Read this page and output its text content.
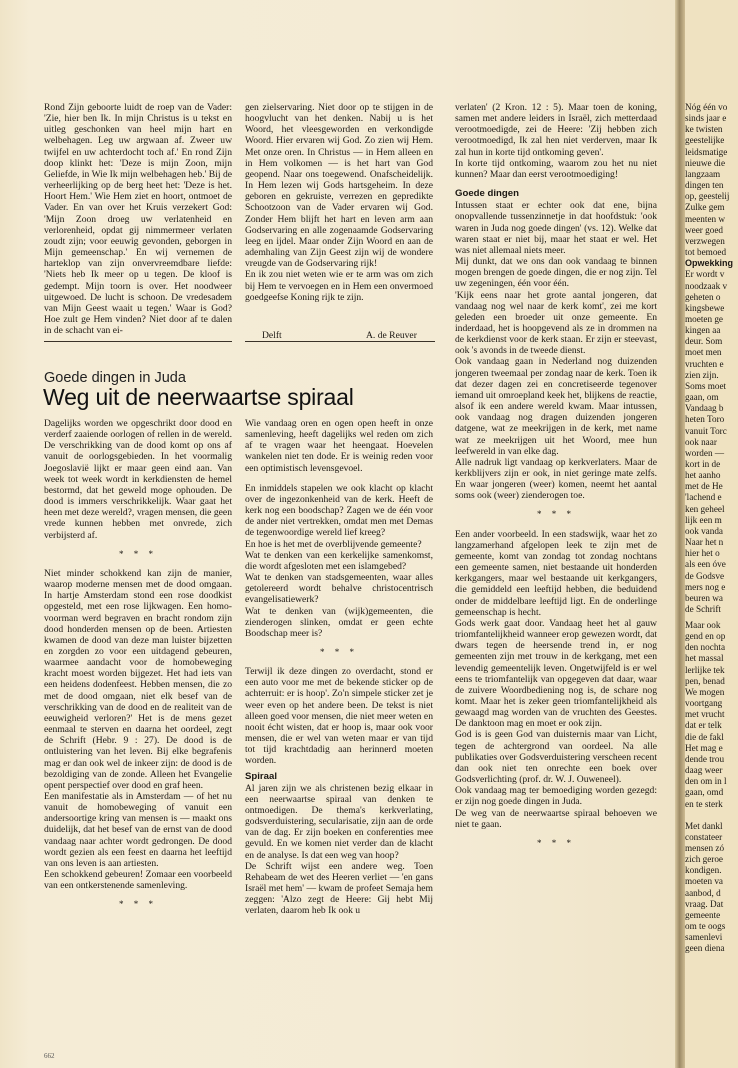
Rond Zijn geboorte luidt de roep van de Vader: 'Zie, hier ben Ik. In mijn Christus is u tekst en uitleg geschonken van heel mijn hart en welbehagen. Leg uw argwaan af. Zweer uw twijfel en uw achterdocht toch af.' En rond Zijn doop klinkt het: 'Deze is mijn Zoon, mijn Geliefde, in Wie Ik mijn welbehagen heb.' Bij de verheerlijking op de berg heet het: 'Deze is het. Hoort Hem.' Wie Hem ziet en hoort, ontmoet de Vader. En van over het Kruis verzekert God: 'Mijn Zoon droeg uw verlatenheid en verlorenheid, opdat gij nimmermeer verlaten zoudt zijn; voor eeuwig gevonden, geborgen in Mijn gemeenschap.' En wij vernemen de harteklop van zijn onvervreemdbare liefde: 'Niets heb Ik meer op u tegen. De kloof is gedempt. Mijn toorn is over. Het noodweer uitgewoed. De lucht is schoon. De vredesadem van Mijn Geest waait u tegen.' Waar is God? Hoe zult ge Hem vinden? Niet door af te dalen in de schacht van ei-

gen zielservaring. Niet door op te stijgen in de hoogvlucht van het denken. Nabij u is het Woord, het vleesgeworden en verkondigde Woord. Hier ervaren wij God. Zo zien wij Hem. Met onze oren. In Christus — in Hem alleen en in Hem volkomen — is het hart van God geopend. Naar ons toegewend. Onafscheidelijk. In Hem lezen wij Gods hartsgeheim. In deze geboren en gekruiste, verrezen en gepredikte Schootzoon van de Vader ervaren wij God. Zonder Hem blijft het hart en leven arm aan Godservaring en alle zogenaamde Godservaring leeg en ijdel. Maar onder Zijn Woord en aan de ademhaling van Zijn Geest zijn wij de wondere vreugde van de Godservaring rijk!

En ik zou niet weten wie er te arm was om zich bij Hem te vervoegen en in Hem een onvermoed goedgeefse Koning rijk te zijn.

Delft	A. de Reuver
Goede dingen in Juda
Weg uit de neerwaartse spiraal

Dagelijks worden we opgeschrikt door dood en verderf zaaiende oorlogen of rellen in de wereld. De verschrikking van de dood komt op ons af vanuit de oorlogsgebieden. In het voormalig Joegoslavië lijkt er maar geen eind aan. Van week tot week wordt in kerkdiensten de hemel bestormd, dat het geweld moge ophouden. De dood is immers verschrikkelijk. Waar gaat het heen met deze wereld?, vragen mensen, die geen vrede kunnen hebben met onvrede, zich verbijsterd af.

* * *

Niet minder schokkend kan zijn de manier, waarop moderne mensen met de dood omgaan. In hartje Amsterdam stond een rose doodkist opgesteld, met een rose lijkwagen. Een homo-voorman werd begraven en bracht rondom zijn dood honderden mensen op de been. Artiesten kwamen de dood van deze man luister bijzetten en zorgden zo voor een uitdagend gebeuren, waarmee aandacht voor de homobeweging kracht moest worden bijgezet. Het had iets van een heidens dodenfeest. Hebben mensen, die zo met de dood omgaan, niet elk besef van de verschrikking van de dood en de realiteit van de eeuwigheid verloren?' Het is de mens gezet eenmaal te sterven en daarna het oordeel, zegt de Schrift (Hebr. 9 : 27). De dood is de ontluistering van het leven. Bij elke begrafenis mag er dan ook wel de inkeer zijn: de dood is de bezoldiging van de zonde. Alleen het Evangelie opent perspectief over dood en graf heen.

Een manifestatie als in Amsterdam — of het nu vanuit de homobeweging of vanuit een andersoortige kring van mensen is — maakt ons duidelijk, dat het besef van de ernst van de dood vandaag naar achter wordt gedrongen. De dood wordt gezien als een feest en daarna het leeftijd van ons leven is aan artiesten.

Een schokkend gebeuren! Zomaar een voorbeeld van een ontkerstenende samenleving.

* * *

Wie vandaag oren en ogen open heeft in onze samenleving, heeft dagelijks wel reden om zich af te vragen waar het heengaat. Hoevelen wankelen niet ten dode. Er is weinig reden voor een optimistisch levensgevoel.

En inmiddels stapelen we ook klacht op klacht over de ingezonkenheid van de kerk. Heeft de kerk nog een boodschap? Zagen we de één voor de ander niet vertrekken, omdat men met Demas de tegenwoordige wereld lief kreeg?

En hoe is het met de overblijvende gemeente?

Wat te denken van een kerkelijke samenkomst, die wordt afgesloten met een islamgebed?

Wat te denken van stadsgemeenten, waar alles getolereerd wordt behalve christocentrisch evangelisatiewerk?

Wat te denken van (wijk)gemeenten, die zienderogen slinken, omdat er geen echte Boodschap meer is?

* * *

Terwijl ik deze dingen zo overdacht, stond er een auto voor me met de bekende sticker op de achterruit: er is hoop'. Zo'n simpele sticker zet je weer even op het andere been. De tekst is niet alleen goed voor mensen, die niet meer weten en nooit écht wisten, dat er hoop is, maar ook voor mensen, die er wel van weten maar er van tijd tot tijd krachtdadig aan herinnerd moeten worden.

Spiraal

Al jaren zijn we als christenen bezig elkaar in een neerwaartse spiraal van denken te ontmoedigen. De thema's kerkverlating, godsverduistering, secularisatie, zijn aan de orde van de dag. Er zijn boeken en conferenties mee gevuld. En we komen niet verder dan de klacht en de analyse. Is dat een weg van hoop?

De Schrift wijst een andere weg. Toen Rehabeam de wet des Heeren verliet — 'en gans Israël met hem' — kwam de profeet Semaja hem zeggen: 'Alzo zegt de Heere: Gij hebt Mij verlaten, daarom heb Ik ook u

verlaten' (2 Kron. 12 : 5). Maar toen de koning, samen met andere leiders in Israël, zich metterdaad verootmoedigde, zei de Heere: 'Zij hebben zich verootmoedigd, Ik zal hen niet verderven, maar Ik zal hun in korte tijd ontkoming geven'.

In korte tijd ontkoming, waarom zou het nu niet kunnen? Maar dan eerst verootmoediging!

Goede dingen

Intussen staat er echter ook dat ene, bijna onopvallende tussenzinnetje in dat hoofdstuk: 'ook waren in Juda nog goede dingen' (vs. 12). Welke dat waren staat er niet bij, maar het staat er wel. Het was niet allemaal niets meer.

Mij dunkt, dat we ons dan ook vandaag te binnen mogen brengen de goede dingen, die er nog zijn. Tel uw zegeningen, één voor één.

'Kijk eens naar het grote aantal jongeren, dat vandaag nog wel naar de kerk komt', zei me kort geleden een broeder uit onze gemeente. En inderdaad, het is hoopgevend als ze in drommen na de kerkdienst voor de kerk staan. Er zijn er steevast, ook 's avonds in de tweede dienst.

Ook vandaag gaan in Nederland nog duizenden jongeren tweemaal per zondag naar de kerk. Toen ik dat dezer dagen zei en concretiseerde tegenover iemand uit omroepland keek het, blijkens de reactie, alsof ik een andere wereld kwam. Maar intussen, ook vandaag nog dragen duizenden jongeren datgene, wat ze meekrijgen in de kerk, met name wat ze meekrijgen uit het Woord, mee hun leefwereld in van elke dag.

Alle nadruk ligt vandaag op kerkverlaters. Maar de kerkblijvers zijn er ook, in niet geringe mate zelfs. En waar jongeren (weer) komen, neemt het aantal soms ook (weer) zienderogen toe.

* * *

Een ander voorbeeld. In een stadswijk, waar het zo langzamerhand afgelopen leek te zijn met de gemeente, komt van zondag tot zondag nochtans een gemeente samen, niet bestaande uit honderden kerkgangers, maar wel bestaande uit kerkgangers, die gemiddeld een leeftijd hebben, die beduidend onder de middelbare leeftijd ligt. En de onderlinge gemeenschap is hecht.

Gods werk gaat door. Vandaag heet het al gauw triomfantelijkheid wanneer erop gewezen wordt, dat dwars tegen de heersende trend in, er nog gemeenten zijn met trouw in de kerkgang, met een levendig gemeentelijk leven. Ongetwijfeld is er wel eens te triomfantelijk van opgegeven dat daar, waar de zuivere Woordbediening nog is, de schare nog komt. Maar het is zeker geen triomfantelijkheid als gewaagd mag worden van de vruchten des Geestes. De danktoon mag en moet er ook zijn.

God is is geen God van duisternis maar van Licht, tegen de achtergrond van oordeel. Na alle publikaties over Godsverduistering verscheen recent dan ook niet ten onrechte een boek over Godsverlichting (prof. dr. W. J. Ouweneel).

Ook vandaag mag ter bemoediging worden gezegd: er zijn nog goede dingen in Juda.

De weg van de neerwaartse spiraal behoeven we niet te gaan.

* * *

Nóg één vo

sinds jaar e

ke twisten

geestelijke

leidsmatige

nieuwe die

langzaam

dingen ten

op, geestelij

Zulke gem

meenten w

weer goed

verzwegen

tot bemoed

Opwekking

Er wordt v

noodzaak v

geheten o

kingsbewe

moeten ge

kingen aa

deur. Som

moet men

vruchten e

zien zijn.

Soms moet

gaan, om

Vandaag b

heten Toro

vanuit Torc

ook naar

worden —

kort in de

het aanho

met de He

'lachend e

ken geheel

lijk een m

ook vanda

Naar het n

hier het o

als een óve

de Godsve

mers nog e

beuren wa

de Schrift

Maar ook

gend en op

den nochta

het massal

lerlijke tek

pen, benad

We mogen

voortgang

met vrucht

dat er telk

die de fakl

Het mag e

dende trou

daag weer

den om in l

gaan, omd

en te sterk

Met dankl

constateer

mensen zó

zich geroe

kondigen.

moeten va

aanbod, d

vraag. Dat

gemeente

om te oogs

samenlevi

geen diena

662
